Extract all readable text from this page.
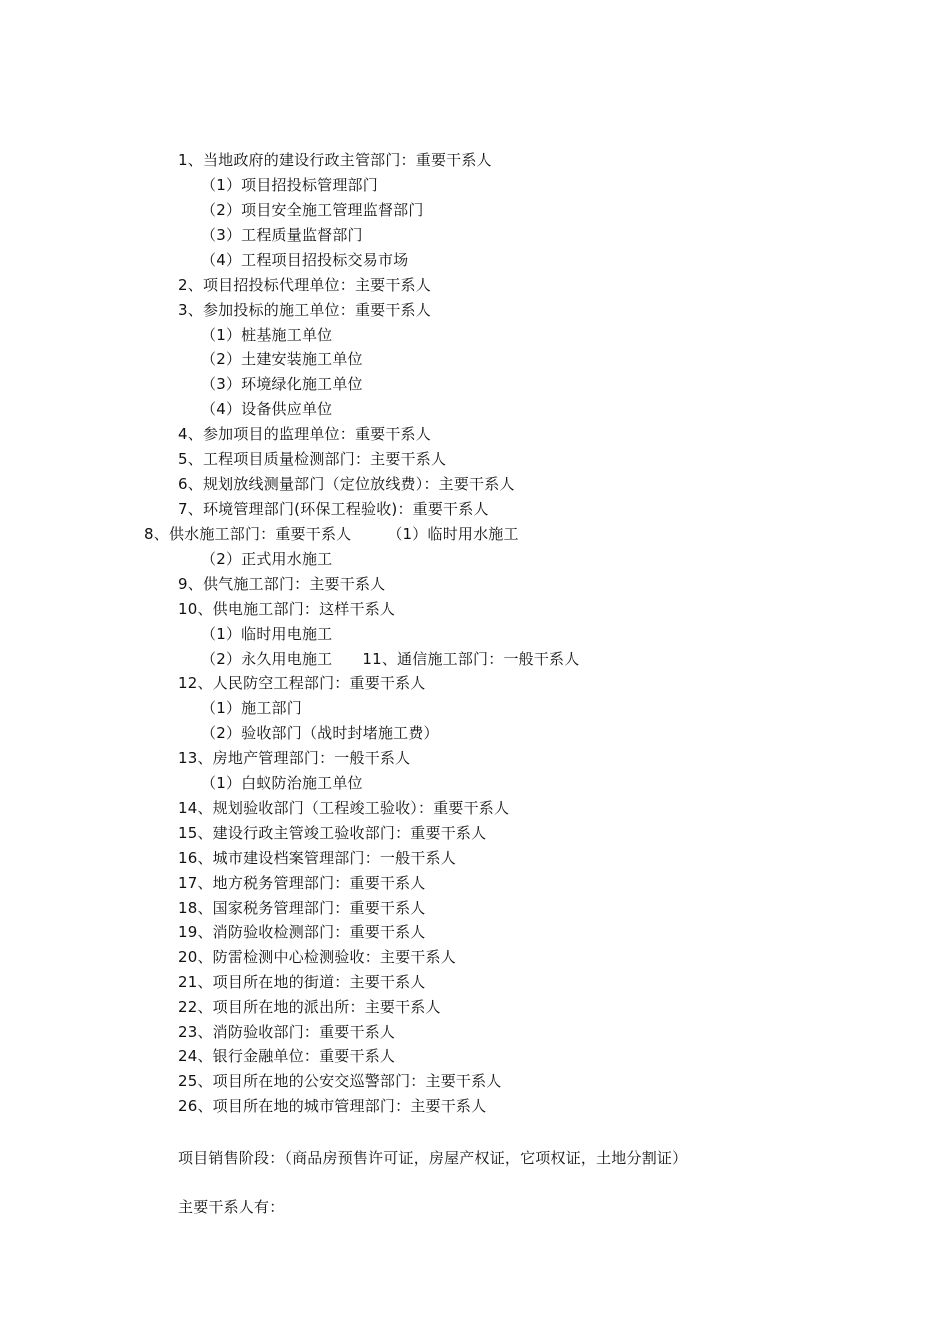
1、当地政府的建设行政主管部门：重要干系人
（1）项目招投标管理部门
（2）项目安全施工管理监督部门
（3）工程质量监督部门
（4）工程项目招投标交易市场
2、项目招投标代理单位：主要干系人
3、参加投标的施工单位：重要干系人
（1）桩基施工单位
（2）土建安装施工单位
（3）环境绿化施工单位
（4）设备供应单位
4、参加项目的监理单位：重要干系人
5、工程项目质量检测部门：主要干系人
6、规划放线测量部门（定位放线费）：主要干系人
7、环境管理部门(环保工程验收)：重要干系人
8、供水施工部门：重要干系人 （1）临时用水施工
（2）正式用水施工
9、供气施工部门：主要干系人
10、供电施工部门：这样干系人
（1）临时用电施工
（2）永久用电施工 11、通信施工部门：一般干系人
12、人民防空工程部门：重要干系人
（1）施工部门
（2）验收部门（战时封堵施工费）
13、房地产管理部门：一般干系人
（1）白蚁防治施工单位
14、规划验收部门（工程竣工验收）：重要干系人
15、建设行政主管竣工验收部门：重要干系人
16、城市建设档案管理部门：一般干系人
17、地方税务管理部门：重要干系人
18、国家税务管理部门：重要干系人
19、消防验收检测部门：重要干系人
20、防雷检测中心检测验收：主要干系人
21、项目所在地的街道：主要干系人
22、项目所在地的派出所：主要干系人
23、消防验收部门：重要干系人
24、银行金融单位：重要干系人
25、项目所在地的公安交巡警部门：主要干系人
26、项目所在地的城市管理部门：主要干系人
项目销售阶段：（商品房预售许可证，房屋产权证，它项权证，土地分割证）
主要干系人有：
